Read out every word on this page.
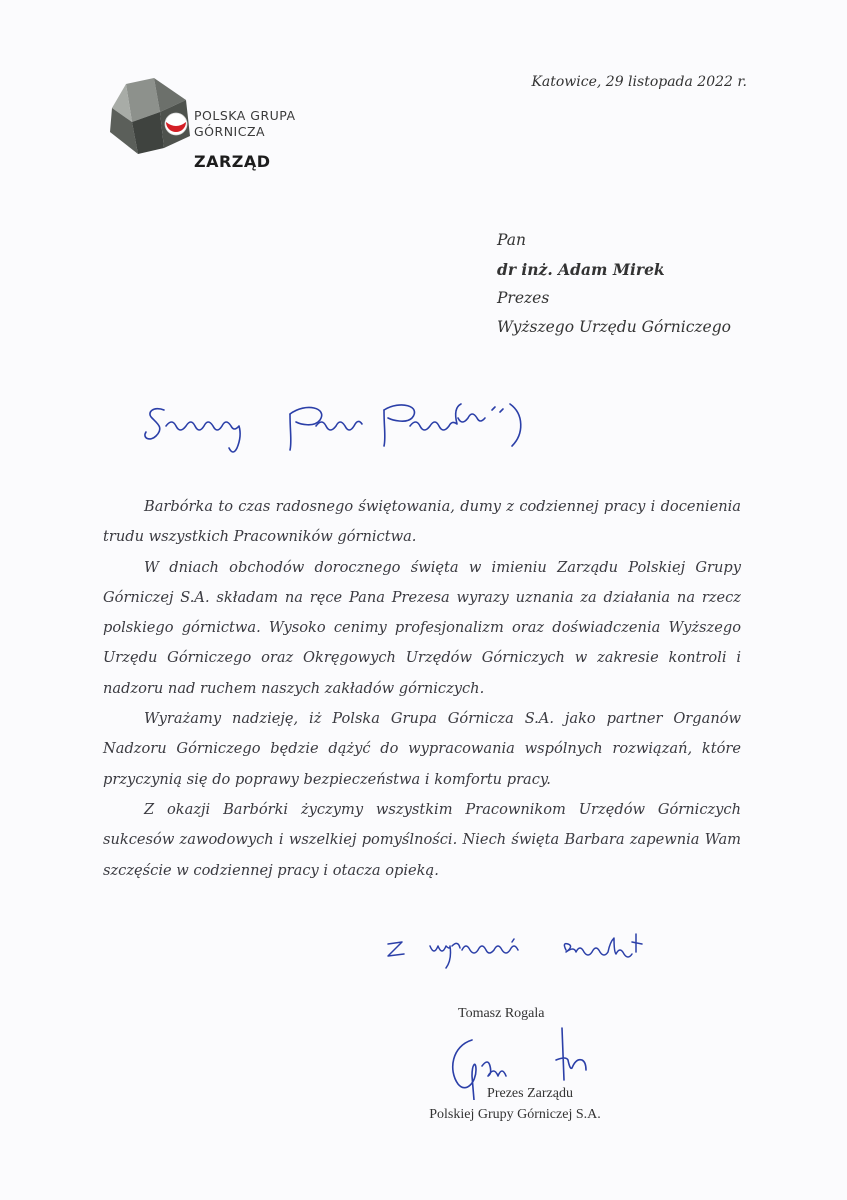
POLSKA GRUPA
GÓRNICZA
ZARZĄD
Katowice, 29 listopada 2022 r.
Pan
dr inż. Adam Mirek
Prezes
Wyższego Urzędu Górniczego

Barbórka to czas radosnego świętowania, dumy z codziennej pracy i docenienia trudu wszystkich Pracowników górnictwa.

W dniach obchodów dorocznego święta w imieniu Zarządu Polskiej Grupy Górniczej S.A. składam na ręce Pana Prezesa wyrazy uznania za działania na rzecz polskiego górnictwa. Wysoko cenimy profesjonalizm oraz doświadczenia Wyższego Urzędu Górniczego oraz Okręgowych Urzędów Górniczych w zakresie kontroli i nadzoru nad ruchem naszych zakładów górniczych.

Wyrażamy nadzieję, iż Polska Grupa Górnicza S.A. jako partner Organów Nadzoru Górniczego będzie dążyć do wypracowania wspólnych rozwiązań, które przyczynią się do poprawy bezpieczeństwa i komfortu pracy.

Z okazji Barbórki życzymy wszystkim Pracownikom Urzędów Górniczych sukcesów zawodowych i wszelkiej pomyślności. Niech święta Barbara zapewnia Wam szczęście w codziennej pracy i otacza opieką.

Tomasz Rogala
Prezes Zarządu
Polskiej Grupy Górniczej S.A.
